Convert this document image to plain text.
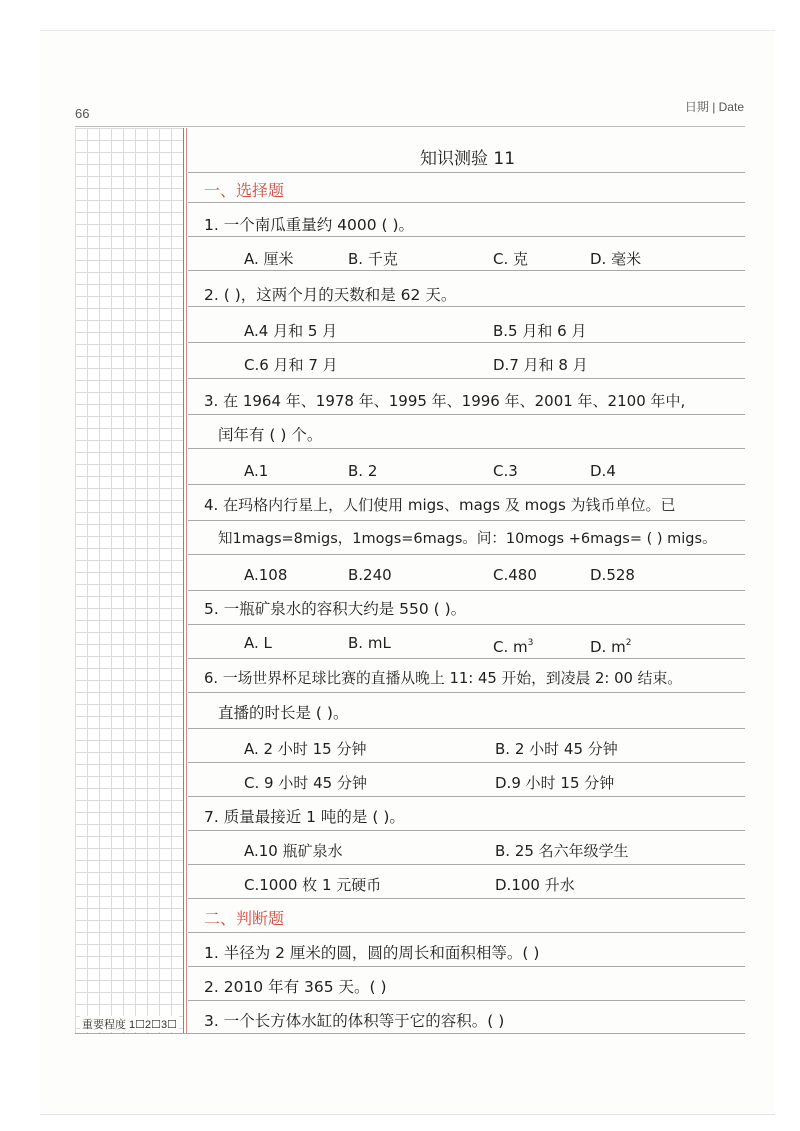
66	日期 | Date
重要程度 1☐2☐3☐
知识测验 11
一、选择题
1. 一个南瓜重量约 4000 ( )。
A. 厘米	B. 千克	C. 克	D. 毫米
2. ( )，这两个月的天数和是 62 天。
A.4 月和 5 月	B.5 月和 6 月
C.6 月和 7 月	D.7 月和 8 月
3. 在 1964 年、1978 年、1995 年、1996 年、2001 年、2100 年中,
闰年有 ( ) 个。
A.1	B. 2	C.3	D.4
4. 在玛格内行星上，人们使用 migs、mags 及 mogs 为钱币单位。已
知1mags=8migs，1mogs=6mags。问：10mogs +6mags= ( ) migs。
A.108	B.240	C.480	D.528
5. 一瓶矿泉水的容积大约是 550 ( )。
A. L	B. mL	C. $m^3$	D. $m^2$
6. 一场世界杯足球比赛的直播从晚上 11: 45 开始，到凌晨 2: 00 结束。
直播的时长是 ( )。
A. 2 小时 15 分钟	B. 2 小时 45 分钟
C. 9 小时 45 分钟	D.9 小时 15 分钟
7. 质量最接近 1 吨的是 ( )。
A.10 瓶矿泉水	B. 25 名六年级学生
C.1000 枚 1 元硬币	D.100 升水
二、判断题
1. 半径为 2 厘米的圆，圆的周长和面积相等。( )
2. 2010 年有 365 天。( )
3. 一个长方体水缸的体积等于它的容积。( )
